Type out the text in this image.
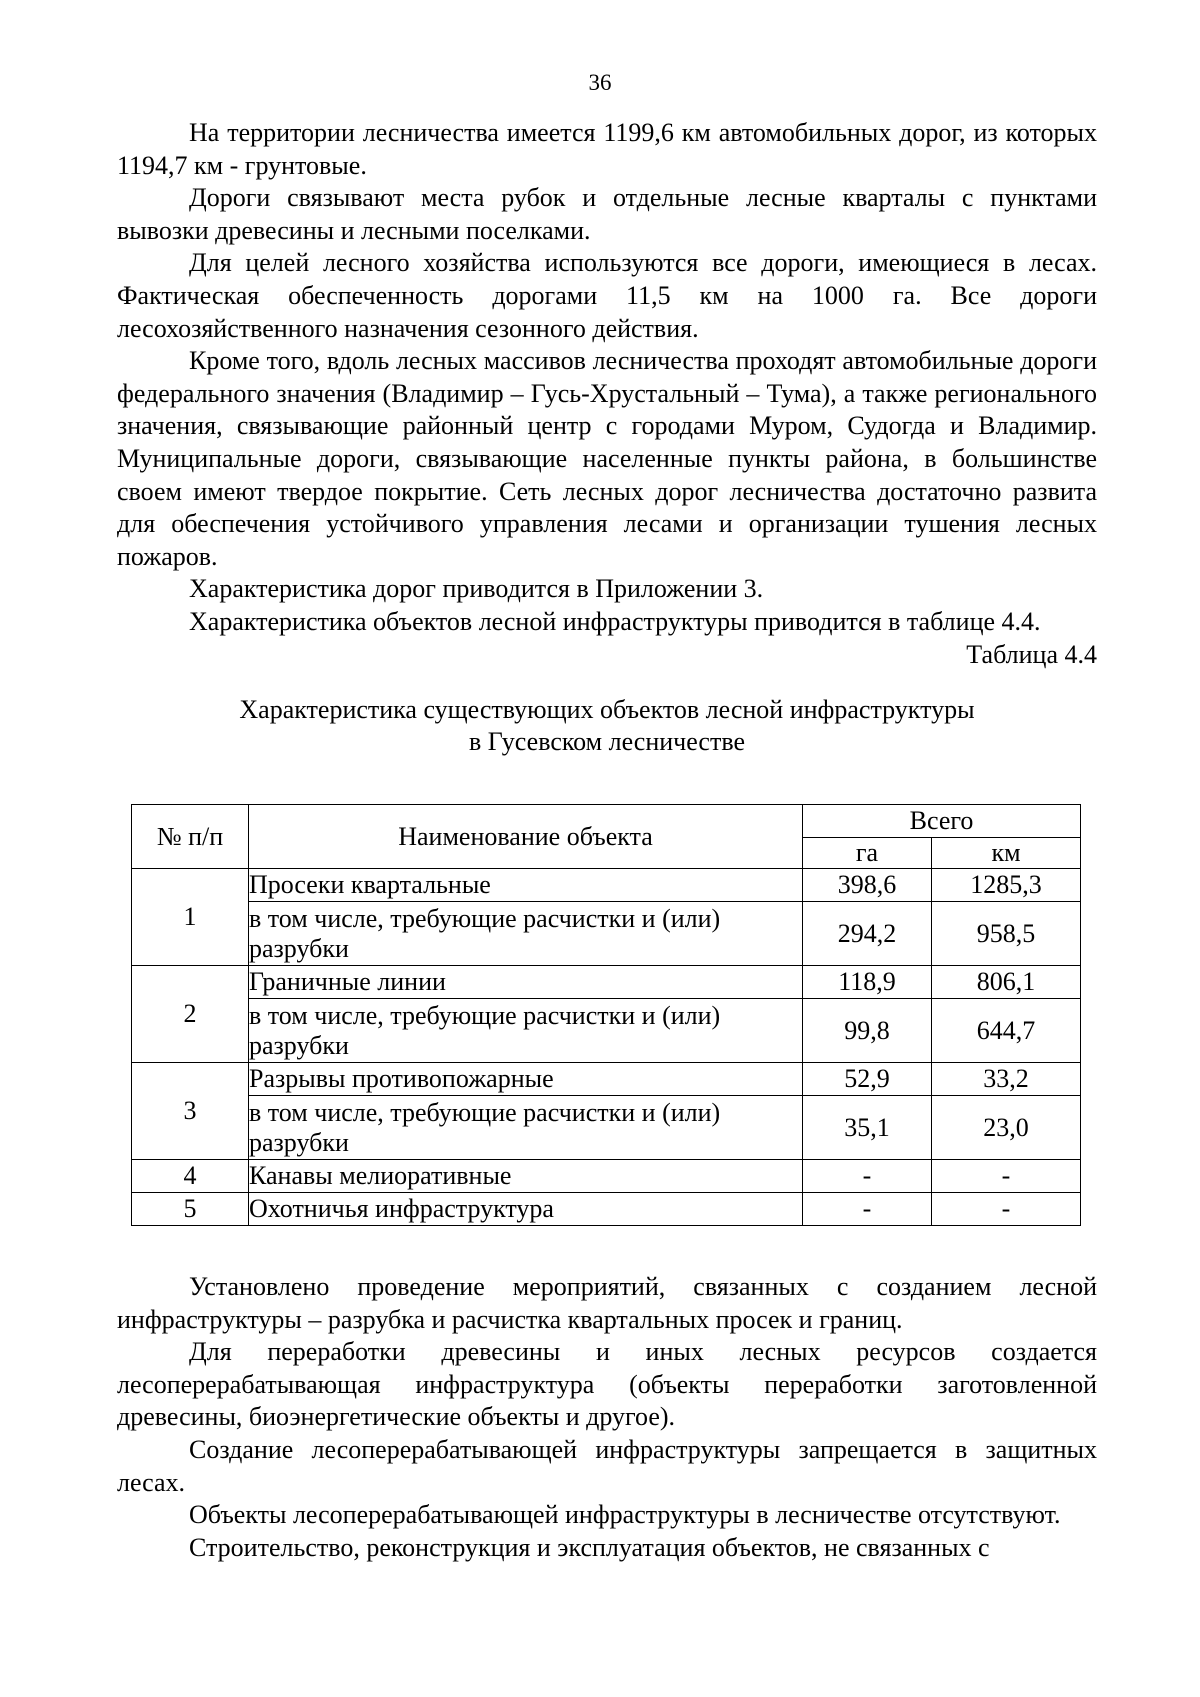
36

На территории лесничества имеется 1199,6 км автомобильных дорог, из которых 1194,7 км - грунтовые.

Дороги связывают места рубок и отдельные лесные кварталы с пунктами вывозки древесины и лесными поселками.

Для целей лесного хозяйства используются все дороги, имеющиеся в лесах. Фактическая обеспеченность дорогами 11,5 км на 1000 га. Все дороги лесохозяйственного назначения сезонного действия.

Кроме того, вдоль лесных массивов лесничества проходят автомобильные дороги федерального значения (Владимир – Гусь-Хрустальный – Тума), а также регионального значения, связывающие районный центр с городами Муром, Судогда и Владимир. Муниципальные дороги, связывающие населенные пункты района, в большинстве своем имеют твердое покрытие. Сеть лесных дорог лесничества достаточно развита для обеспечения устойчивого управления лесами и организации тушения лесных пожаров.

Характеристика дорог приводится в Приложении 3.

Характеристика объектов лесной инфраструктуры приводится в таблице 4.4.

Таблица 4.4

Характеристика существующих объектов лесной инфраструктуры
в Гусевском лесничестве

№ п/п	Наименование объекта	Всего	
		га	км
1	Просеки квартальные	398,6	1285,3
	в том числе, требующие расчистки и (или) разрубки	294,2	958,5
2	Граничные линии	118,9	806,1
	в том числе, требующие расчистки и (или) разрубки	99,8	644,7
3	Разрывы противопожарные	52,9	33,2
	в том числе, требующие расчистки и (или) разрубки	35,1	23,0
4	Канавы мелиоративные	-	-
5	Охотничья инфраструктура	-	-

Установлено проведение мероприятий, связанных с созданием лесной инфраструктуры – разрубка и расчистка квартальных просек и границ.

Для переработки древесины и иных лесных ресурсов создается лесоперерабатывающая инфраструктура (объекты переработки заготовленной древесины, биоэнергетические объекты и другое).

Создание лесоперерабатывающей инфраструктуры запрещается в защитных лесах.

Объекты лесоперерабатывающей инфраструктуры в лесничестве отсутствуют.

Строительство, реконструкция и эксплуатация объектов, не связанных с
